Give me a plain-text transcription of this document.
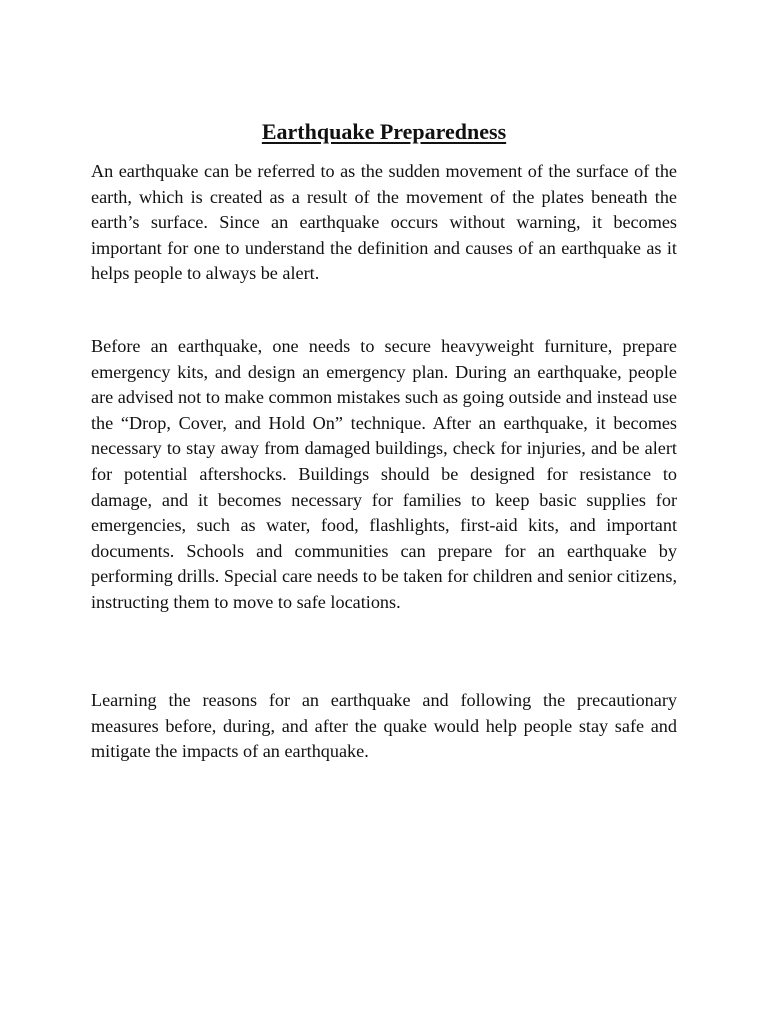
Earthquake Preparedness

An earthquake can be referred to as the sudden movement of the surface of the earth, which is created as a result of the movement of the plates beneath the earth’s surface. Since an earthquake occurs without warning, it becomes important for one to understand the definition and causes of an earthquake as it helps people to always be alert.

Before an earthquake, one needs to secure heavyweight furniture, prepare emergency kits, and design an emergency plan. During an earthquake, people are advised not to make common mistakes such as going outside and instead use the “Drop, Cover, and Hold On” technique. After an earthquake, it becomes necessary to stay away from damaged buildings, check for injuries, and be alert for potential aftershocks. Buildings should be designed for resistance to damage, and it becomes necessary for families to keep basic supplies for emergencies, such as water, food, flashlights, first-aid kits, and important documents. Schools and communities can prepare for an earthquake by performing drills. Special care needs to be taken for children and senior citizens, instructing them to move to safe locations.

Learning the reasons for an earthquake and following the precautionary measures before, during, and after the quake would help people stay safe and mitigate the impacts of an earthquake.
